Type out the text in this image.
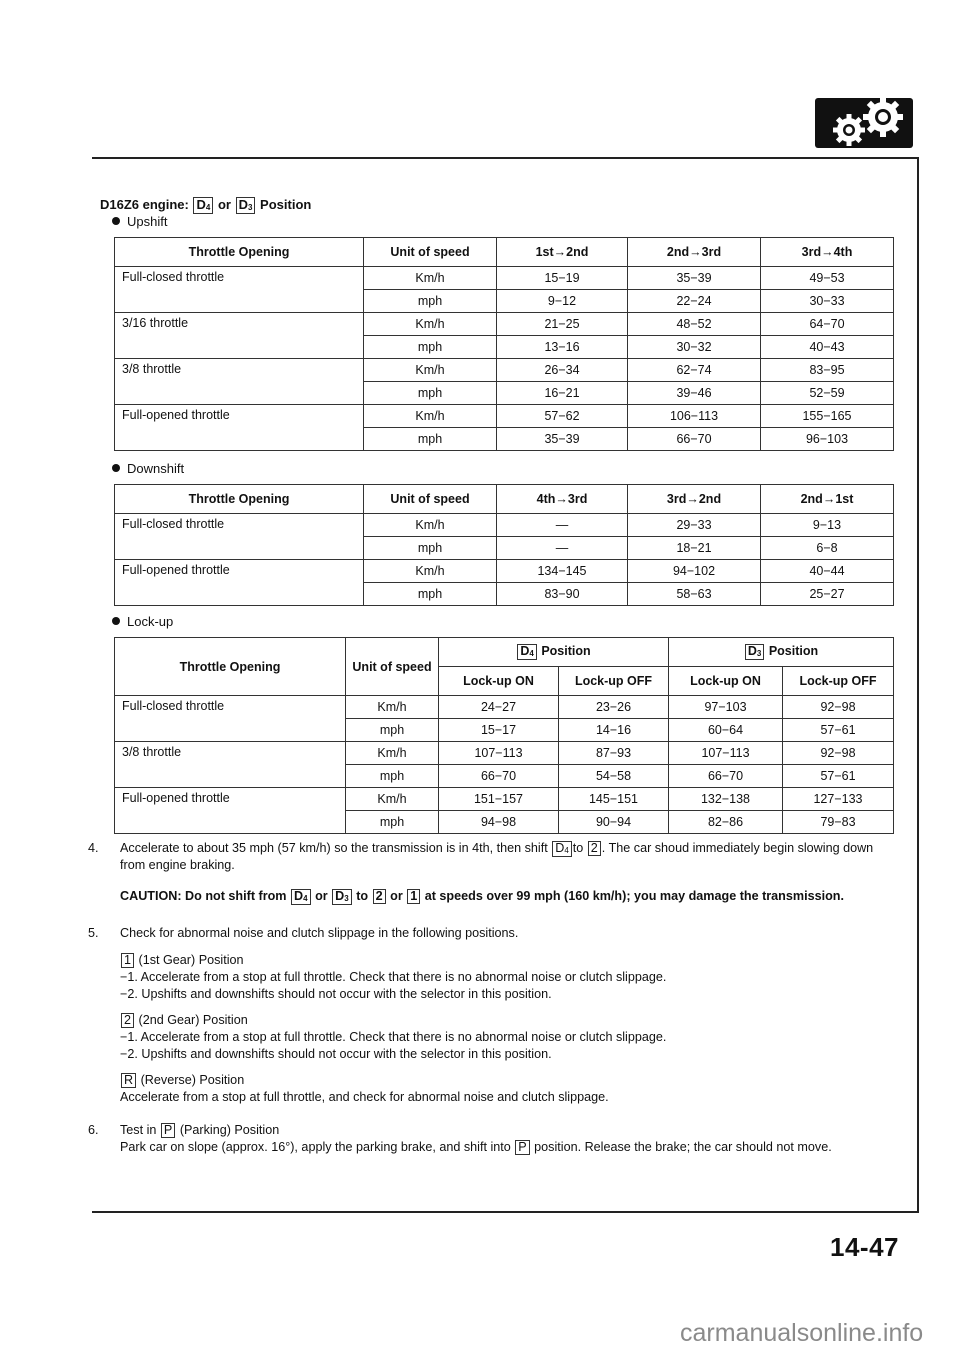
D16Z6 engine: $D_4$ or $D_3$ Position
Upshift
Throttle Opening	Unit of speed	1st→2nd	2nd→3rd	3rd→4th
Full-closed throttle	Km/h	15−19	35−39	49−53
	mph	9−12	22−24	30−33
3/16 throttle	Km/h	21−25	48−52	64−70
	mph	13−16	30−32	40−43
3/8 throttle	Km/h	26−34	62−74	83−95
	mph	16−21	39−46	52−59
Full-opened throttle	Km/h	57−62	106−113	155−165
	mph	35−39	66−70	96−103
Downshift
Throttle Opening	Unit of speed	4th→3rd	3rd→2nd	2nd→1st
Full-closed throttle	Km/h	—	29−33	9−13
	mph	—	18−21	6−8
Full-opened throttle	Km/h	134−145	94−102	40−44
	mph	83−90	58−63	25−27
Lock-up
Throttle Opening	Unit of speed	$D_4$ Position		$D_3$ Position	
		Lock-up ON	Lock-up OFF	Lock-up ON	Lock-up OFF
Full-closed throttle	Km/h	24−27	23−26	97−103	92−98
	mph	15−17	14−16	60−64	57−61
3/8 throttle	Km/h	107−113	87−93	107−113	92−98
	mph	66−70	54−58	66−70	57−61
Full-opened throttle	Km/h	151−157	145−151	132−138	127−133
	mph	94−98	90−94	82−86	79−83
4. Accelerate to about 35 mph (57 km/h) so the transmission is in 4th, then shift $D_4$ to 2 . The car shoud immediately begin slowing down from engine braking.
CAUTION: Do not shift from $D_4$ or $D_3$ to 2 or 1 at speeds over 99 mph (160 km/h); you may damage the transmission.
5. Check for abnormal noise and clutch slippage in the following positions.
1 (1st Gear) Position
−1. Accelerate from a stop at full throttle. Check that there is no abnormal noise or clutch slippage.
−2. Upshifts and downshifts should not occur with the selector in this position.
2 (2nd Gear) Position
−1. Accelerate from a stop at full throttle. Check that there is no abnormal noise or clutch slippage.
−2. Upshifts and downshifts should not occur with the selector in this position.
R (Reverse) Position
Accelerate from a stop at full throttle, and check for abnormal noise and clutch slippage.
6. Test in P (Parking) Position
Park car on slope (approx. 16°), apply the parking brake, and shift into P position. Release the brake; the car should not move.
14-47
carmanualsonline.info
